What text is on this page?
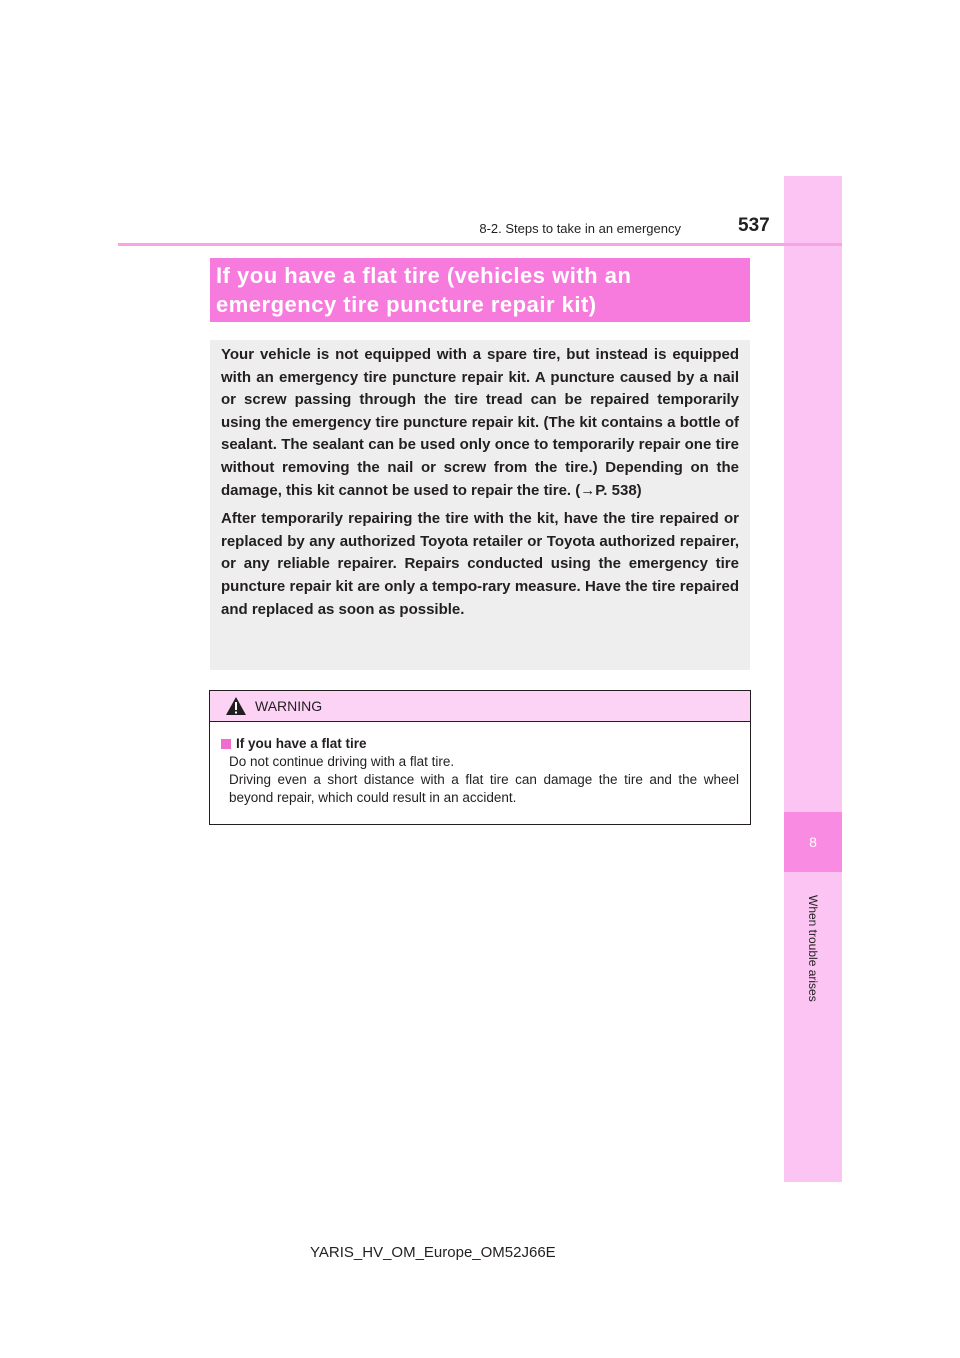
8
When trouble arises
8-2. Steps to take in an emergency	537
If you have a flat tire (vehicles with an
emergency tire puncture repair kit)

Your vehicle is not equipped with a spare tire, but instead is equipped with an emergency tire puncture repair kit. A puncture caused by a nail or screw passing through the tire tread can be repaired temporarily using the emergency tire puncture repair kit. (The kit contains a bottle of sealant. The sealant can be used only once to temporarily repair one tire without removing the nail or screw from the tire.) Depending on the damage, this kit cannot be used to repair the tire. (→P. 538)

After temporarily repairing the tire with the kit, have the tire repaired or replaced by any authorized Toyota retailer or Toyota authorized repairer, or any reliable repairer. Repairs conducted using the emergency tire puncture repair kit are only a tempo-rary measure. Have the tire repaired and replaced as soon as possible.

WARNING
If you have a flat tire
Do not continue driving with a flat tire.
Driving even a short distance with a flat tire can damage the tire and the wheel beyond repair, which could result in an accident.
YARIS_HV_OM_Europe_OM52J66E
